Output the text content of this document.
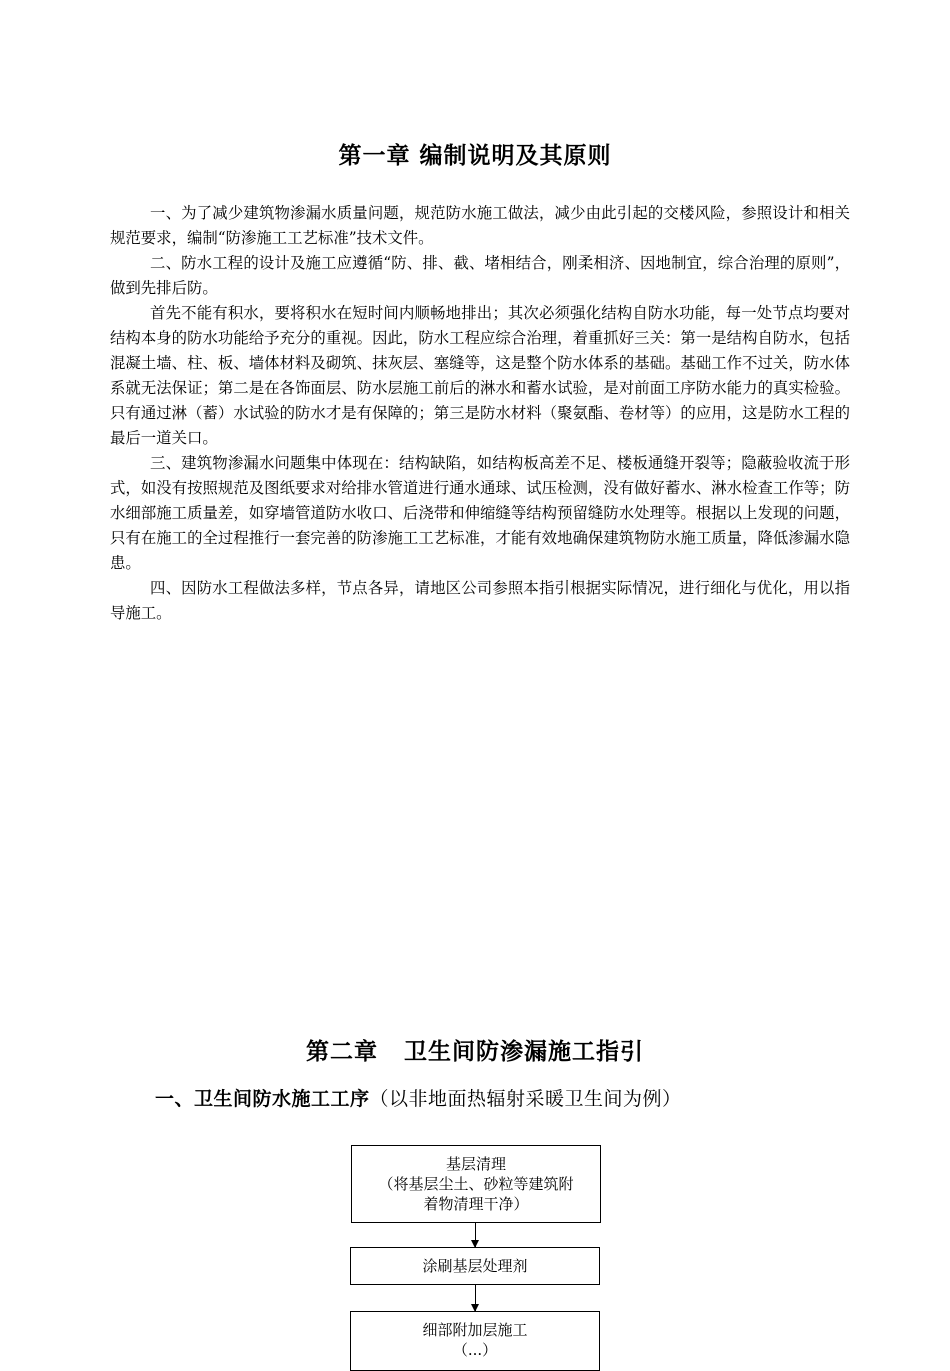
第一章 编制说明及其原则

一、为了减少建筑物渗漏水质量问题，规范防水施工做法，减少由此引起的交楼风险，参照设计和相关规范要求，编制“防渗施工工艺标准”技术文件。

二、防水工程的设计及施工应遵循“防、排、截、堵相结合，刚柔相济、因地制宜，综合治理的原则”，做到先排后防。

首先不能有积水，要将积水在短时间内顺畅地排出；其次必须强化结构自防水功能，每一处节点均要对结构本身的防水功能给予充分的重视。因此，防水工程应综合治理，着重抓好三关：第一是结构自防水，包括混凝土墙、柱、板、墙体材料及砌筑、抹灰层、塞缝等，这是整个防水体系的基础。基础工作不过关，防水体系就无法保证；第二是在各饰面层、防水层施工前后的淋水和蓄水试验，是对前面工序防水能力的真实检验。只有通过淋（蓄）水试验的防水才是有保障的；第三是防水材料（聚氨酯、卷材等）的应用，这是防水工程的最后一道关口。

三、建筑物渗漏水问题集中体现在：结构缺陷，如结构板高差不足、楼板通缝开裂等；隐蔽验收流于形式，如没有按照规范及图纸要求对给排水管道进行通水通球、试压检测，没有做好蓄水、淋水检查工作等；防水细部施工质量差，如穿墙管道防水收口、后浇带和伸缩缝等结构预留缝防水处理等。根据以上发现的问题，只有在施工的全过程推行一套完善的防渗施工工艺标准，才能有效地确保建筑物防水施工质量，降低渗漏水隐患。

四、因防水工程做法多样，节点各异，请地区公司参照本指引根据实际情况，进行细化与优化，用以指导施工。

第二章 卫生间防渗漏施工指引
一、卫生间防水施工工序（以非地面热辐射采暖卫生间为例）
基层清理
（将基层尘土、砂粒等建筑附
着物清理干净）
涂刷基层处理剂
细部附加层施工
（...）
